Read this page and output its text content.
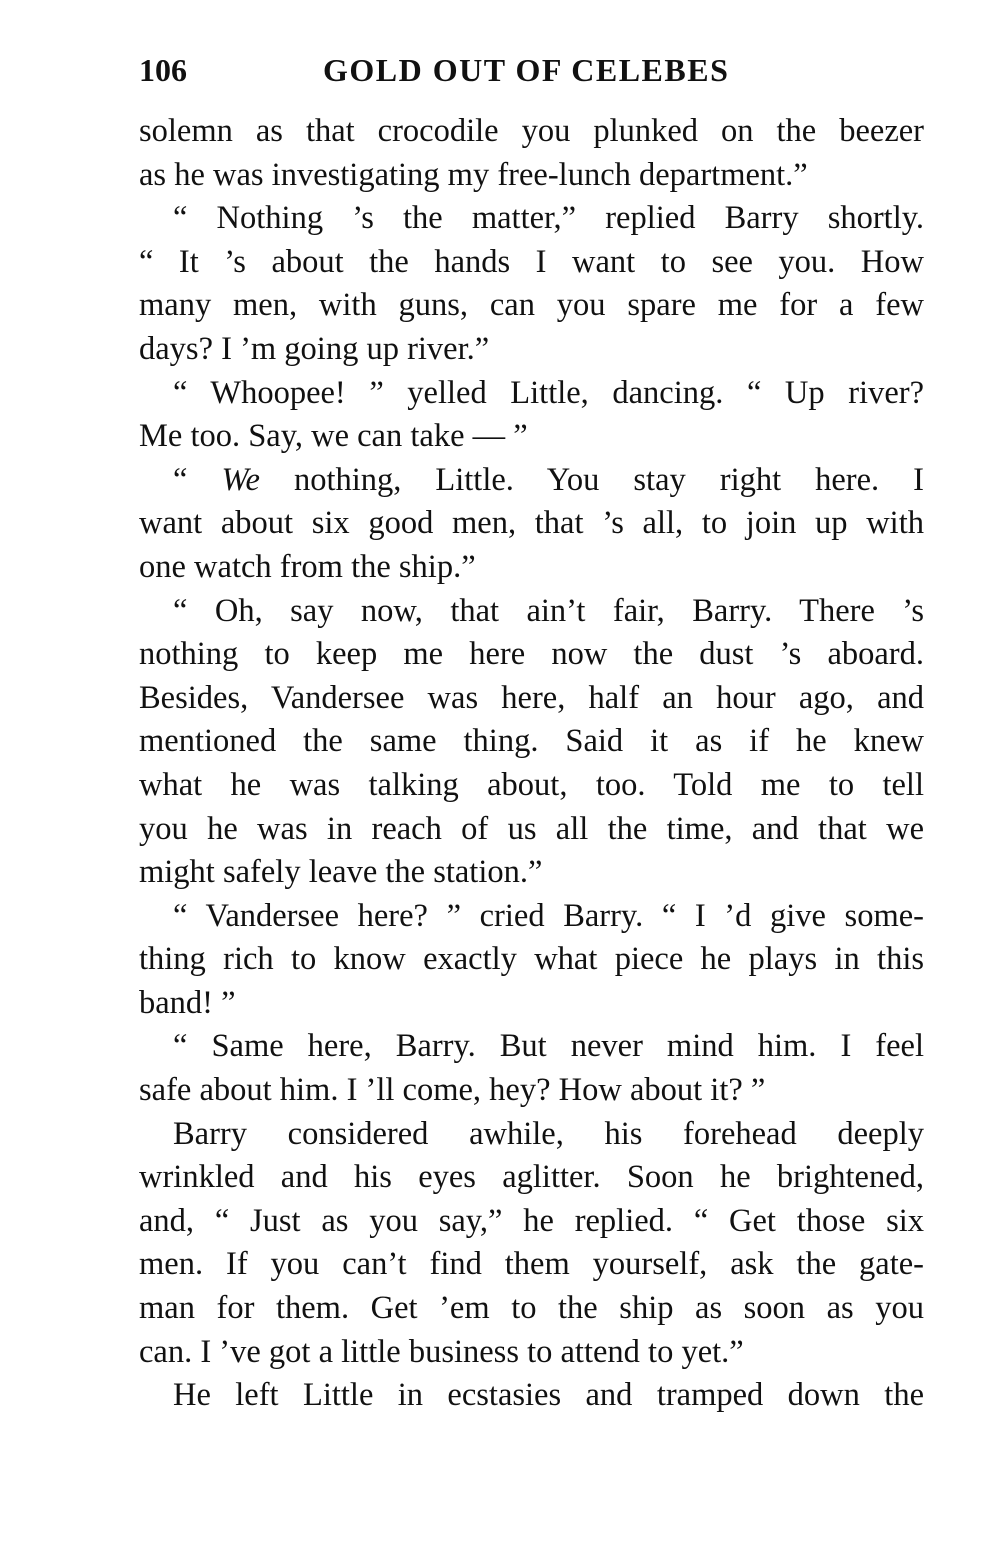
106	GOLD OUT OF CELEBES
solemn as that crocodile you plunked on the beezer
as he was investigating my free-lunch department.”
“ Nothing ’s the matter,” replied Barry shortly.
“ It ’s about the hands I want to see you. How
many men, with guns, can you spare me for a few
days? I ’m going up river.”
“ Whoopee! ” yelled Little, dancing. “ Up river?
Me too. Say, we can take — ”
“ We nothing, Little. You stay right here. I
want about six good men, that ’s all, to join up with
one watch from the ship.”
“ Oh, say now, that ain’t fair, Barry. There ’s
nothing to keep me here now the dust ’s aboard.
Besides, Vandersee was here, half an hour ago, and
mentioned the same thing. Said it as if he knew
what he was talking about, too. Told me to tell
you he was in reach of us all the time, and that we
might safely leave the station.”
“ Vandersee here? ” cried Barry. “ I ’d give some-
thing rich to know exactly what piece he plays in this
band! ”
“ Same here, Barry. But never mind him. I feel
safe about him. I ’ll come, hey? How about it? ”
Barry considered awhile, his forehead deeply
wrinkled and his eyes aglitter. Soon he brightened,
and, “ Just as you say,” he replied. “ Get those six
men. If you can’t find them yourself, ask the gate-
man for them. Get ’em to the ship as soon as you
can. I ’ve got a little business to attend to yet.”
He left Little in ecstasies and tramped down the
